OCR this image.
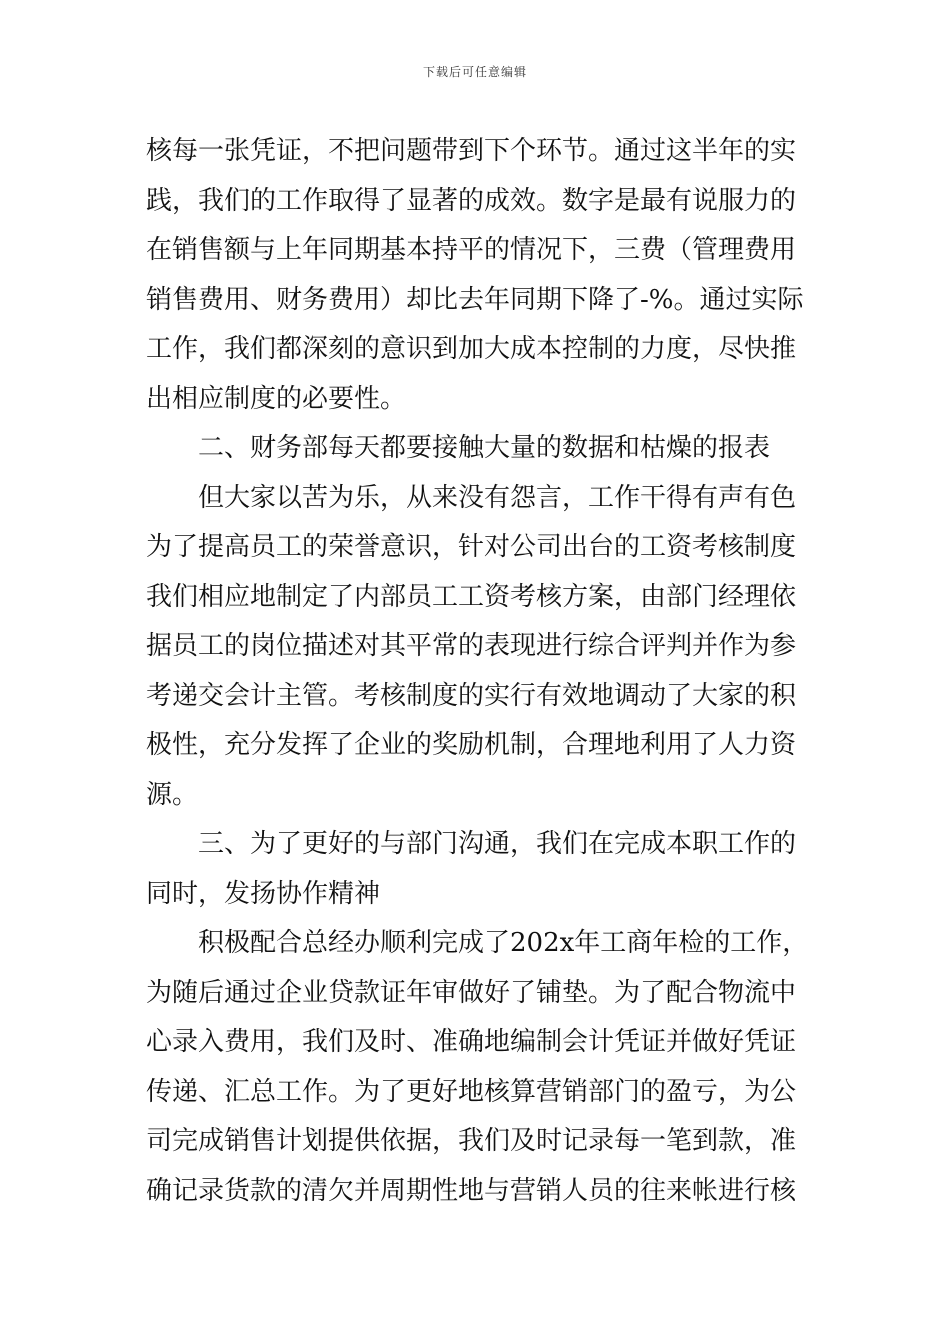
下载后可任意编辑
核每一张凭证，不把问题带到下个环节。通过这半年的实
践，我们的工作取得了显著的成效。数字是最有说服力的
在销售额与上年同期基本持平的情况下，三费（管理费用
销售费用、财务费用）却比去年同期下降了-%。通过实际
工作，我们都深刻的意识到加大成本控制的力度，尽快推
出相应制度的必要性。
二、财务部每天都要接触大量的数据和枯燥的报表
但大家以苦为乐，从来没有怨言，工作干得有声有色
为了提高员工的荣誉意识，针对公司出台的工资考核制度
我们相应地制定了内部员工工资考核方案，由部门经理依
据员工的岗位描述对其平常的表现进行综合评判并作为参
考递交会计主管。考核制度的实行有效地调动了大家的积
极性，充分发挥了企业的奖励机制，合理地利用了人力资
源。
三、为了更好的与部门沟通，我们在完成本职工作的
同时，发扬协作精神
积极配合总经办顺利完成了202x年工商年检的工作，
为随后通过企业贷款证年审做好了铺垫。为了配合物流中
心录入费用，我们及时、准确地编制会计凭证并做好凭证
传递、汇总工作。为了更好地核算营销部门的盈亏，为公
司完成销售计划提供依据，我们及时记录每一笔到款，准
确记录货款的清欠并周期性地与营销人员的往来帐进行核
